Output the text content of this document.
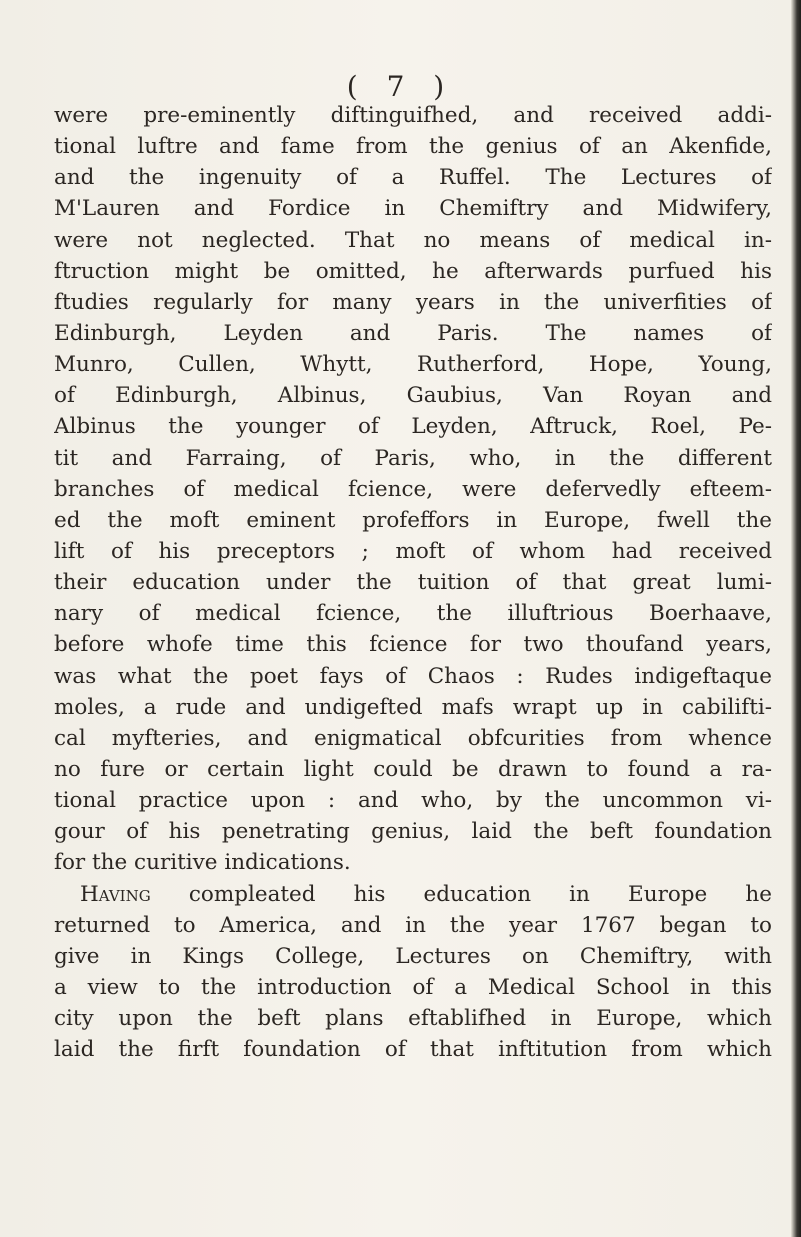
( 7 )
were pre-eminently diftinguifhed, and received addi-
tional luftre and fame from the genius of an Akenfide,
and the ingenuity of a Ruffel. The Lectures of
M'Lauren and Fordice in Chemiftry and Midwifery,
were not neglected. That no means of medical in-
ftruction might be omitted, he afterwards purfued his
ftudies regularly for many years in the univerfities of
Edinburgh, Leyden and Paris. The names of
Munro, Cullen, Whytt, Rutherford, Hope, Young,
of Edinburgh, Albinus, Gaubius, Van Royan and
Albinus the younger of Leyden, Aftruck, Roel, Pe-
tit and Farraing, of Paris, who, in the different
branches of medical fcience, were defervedly efteem-
ed the moft eminent profeffors in Europe, fwell the
lift of his preceptors ; moft of whom had received
their education under the tuition of that great lumi-
nary of medical fcience, the illuftrious Boerhaave,
before whofe time this fcience for two thoufand years,
was what the poet fays of Chaos : Rudes indigeftaque
moles, a rude and undigefted mafs wrapt up in cabilifti-
cal myfteries, and enigmatical obfcurities from whence
no fure or certain light could be drawn to found a ra-
tional practice upon : and who, by the uncommon vi-
gour of his penetrating genius, laid the beft foundation
for the curitive indications.
Having compleated his education in Europe he
returned to America, and in the year 1767 began to
give in Kings College, Lectures on Chemiftry, with
a view to the introduction of a Medical School in this
city upon the beft plans eftablifhed in Europe, which
laid the firft foundation of that inftitution from which
